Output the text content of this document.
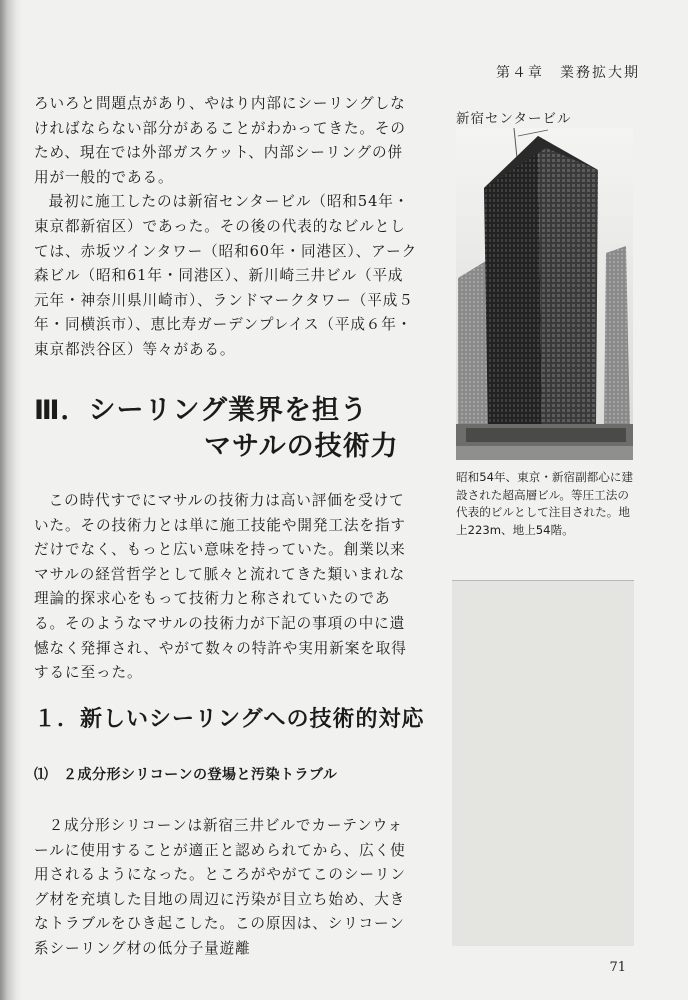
第４章　業務拡大期

ろいろと問題点があり、やはり内部にシーリングしなければならない部分があることがわかってきた。そのため、現在では外部ガスケット、内部シーリングの併用が一般的である。

最初に施工したのは新宿センタービル（昭和54年・東京都新宿区）であった。その後の代表的なビルとしては、赤坂ツインタワー（昭和60年・同港区）、アーク森ビル（昭和61年・同港区）、新川崎三井ビル（平成元年・神奈川県川崎市）、ランドマークタワー（平成５年・同横浜市）、恵比寿ガーデンプレイス（平成６年・東京都渋谷区）等々がある。

Ⅲ．シーリング業界を担う

マサルの技術力

この時代すでにマサルの技術力は高い評価を受けていた。その技術力とは単に施工技能や開発工法を指すだけでなく、もっと広い意味を持っていた。創業以来マサルの経営哲学として脈々と流れてきた類いまれな理論的探求心をもって技術力と称されていたのである。そのようなマサルの技術力が下記の事項の中に遺憾なく発揮され、やがて数々の特許や実用新案を取得するに至った。

１．新しいシーリングへの技術的対応
⑴　２成分形シリコーンの登場と汚染トラブル

２成分形シリコーンは新宿三井ビルでカーテンウォールに使用することが適正と認められてから、広く使用されるようになった。ところがやがてこのシーリング材を充填した目地の周辺に汚染が目立ち始め、大きなトラブルをひき起こした。この原因は、シリコーン系シーリング材の低分子量遊離

新宿センタービル
昭和54年、東京・新宿副都心に建設された超高層ビル。等圧工法の代表的ビルとして注目された。地上223m、地上54階。

71
